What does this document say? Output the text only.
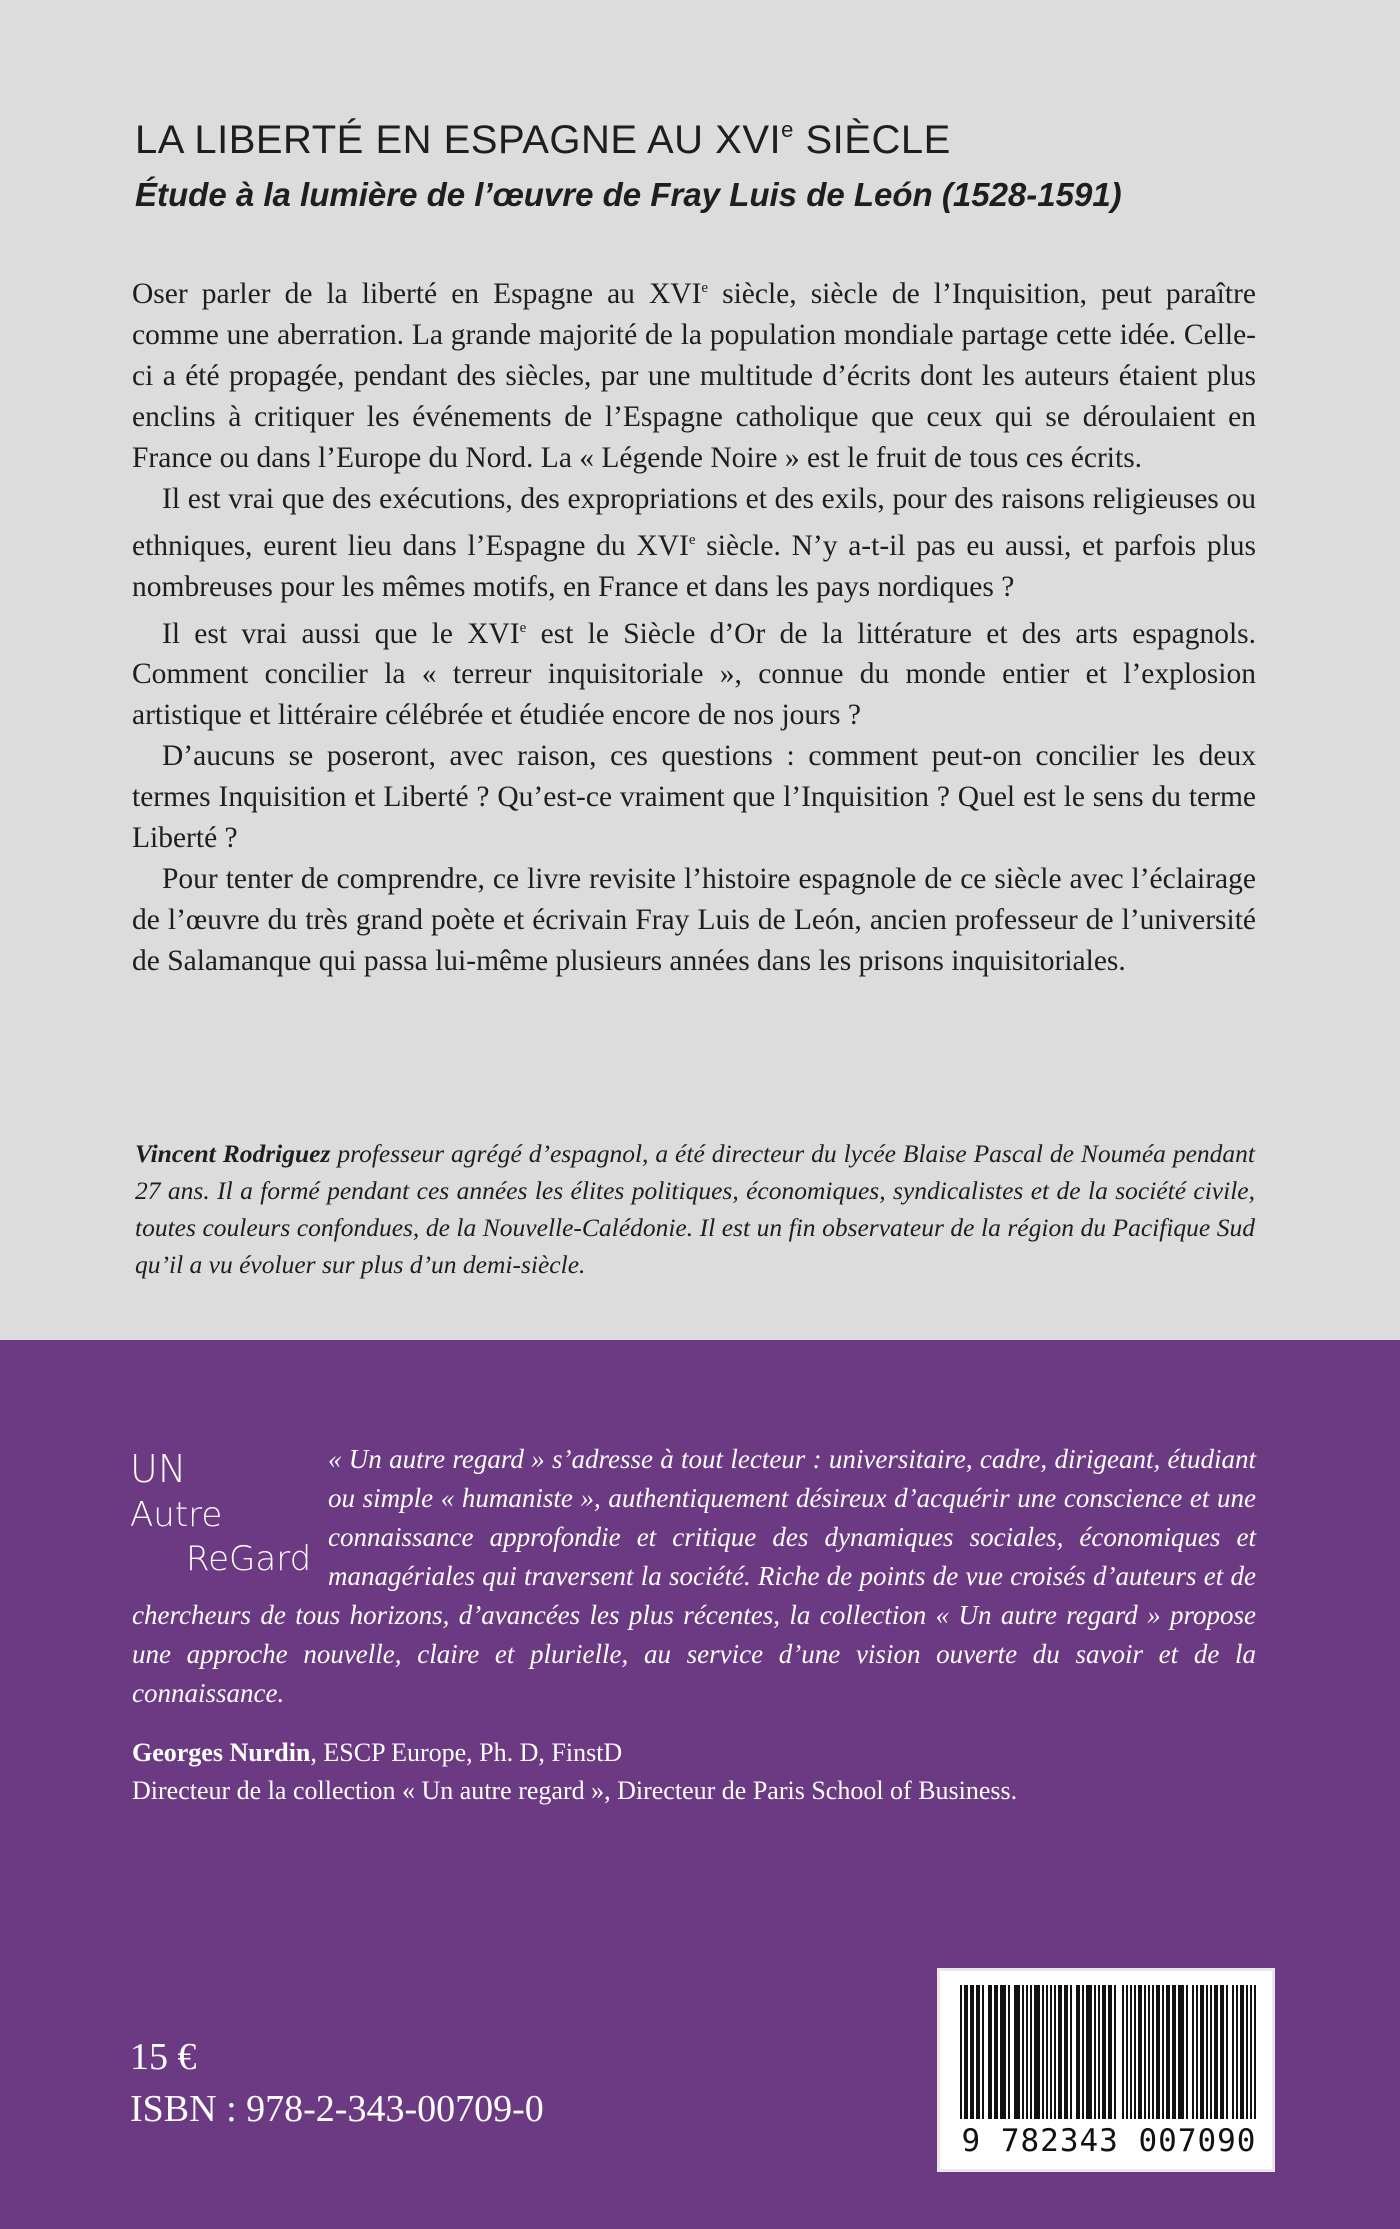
LA LIBERTÉ EN ESPAGNE AU XVIe SIÈCLE
Étude à la lumière de l’œuvre de Fray Luis de León (1528-1591)

Oser parler de la liberté en Espagne au XVIe siècle, siècle de l’Inquisition, peut paraître comme une aberration. La grande majorité de la population mondiale partage cette idée. Celle-ci a été propagée, pendant des siècles, par une multitude d’écrits dont les auteurs étaient plus enclins à critiquer les événements de l’Espagne catholique que ceux qui se déroulaient en France ou dans l’Europe du Nord. La « Légende Noire » est le fruit de tous ces écrits.

Il est vrai que des exécutions, des expropriations et des exils, pour des raisons religieuses ou ethniques, eurent lieu dans l’Espagne du XVIe siècle. N’y a-t-il pas eu aussi, et parfois plus nombreuses pour les mêmes motifs, en France et dans les pays nordiques ?

Il est vrai aussi que le XVIe est le Siècle d’Or de la littérature et des arts espagnols. Comment concilier la « terreur inquisitoriale », connue du monde entier et l’explosion artistique et littéraire célébrée et étudiée encore de nos jours ?

D’aucuns se poseront, avec raison, ces questions : comment peut-on concilier les deux termes Inquisition et Liberté ? Qu’est-ce vraiment que l’Inquisition ? Quel est le sens du terme Liberté ?

Pour tenter de comprendre, ce livre revisite l’histoire espagnole de ce siècle avec l’éclairage de l’œuvre du très grand poète et écrivain Fray Luis de León, ancien professeur de l’université de Salamanque qui passa lui-même plusieurs années dans les prisons inquisitoriales.

Vincent Rodriguez professeur agrégé d’espagnol, a été directeur du lycée Blaise Pascal de Nouméa pendant 27 ans. Il a formé pendant ces années les élites politiques, économiques, syndicalistes et de la société civile, toutes couleurs confondues, de la Nouvelle-Calédonie. Il est un fin observateur de la région du Pacifique Sud qu’il a vu évoluer sur plus d’un demi-siècle.
« Un autre regard » s’adresse à tout lecteur : universitaire, cadre, dirigeant, étudiant ou simple « humaniste », authentiquement désireux d’acquérir une conscience et une connaissance approfondie et critique des dynamiques sociales, économiques et managériales qui traversent la société. Riche de points de vue croisés d’auteurs et de chercheurs de tous horizons, d’avancées les plus récentes, la collection « Un autre regard » propose une approche nouvelle, claire et plurielle, au service d’une vision ouverte du savoir et de la connaissance.
UN
Autre
ReGard
Georges Nurdin, ESCP Europe, Ph. D, FinstD
Directeur de la collection « Un autre regard », Directeur de Paris School of Business.
15 €
ISBN : 978-2-343-00709-0
9 782343 007090
